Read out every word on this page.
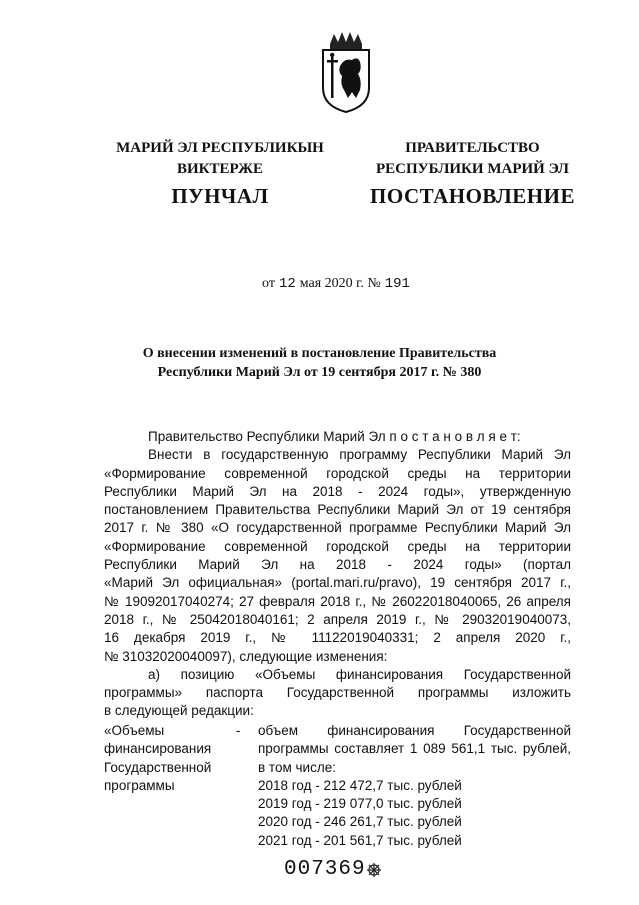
МАРИЙ ЭЛ РЕСПУБЛИКЫН
ВИКТЕРЖЕ
ПУНЧАЛ
ПРАВИТЕЛЬСТВО
РЕСПУБЛИКИ МАРИЙ ЭЛ
ПОСТАНОВЛЕНИЕ
от 12 мая 2020 г. № 191
О внесении изменений в постановление Правительства
Республики Марий Эл от 19 сентября 2017 г. № 380
Правительство Республики Марий Эл п о с т а н о в л я е т:
Внести в государственную программу Республики Марий Эл
«Формирование современной городской среды на территории
Республики Марий Эл на 2018 - 2024 годы», утвержденную
постановлением Правительства Республики Марий Эл от 19 сентября
2017 г. № 380 «О государственной программе Республики Марий Эл
«Формирование современной городской среды на территории
Республики Марий Эл на 2018 - 2024 годы» (портал
«Марий Эл официальная» (portal.mari.ru/pravo), 19 сентября 2017 г.,
№ 19092017040274; 27 февраля 2018 г., № 26022018040065, 26 апреля
2018 г., № 25042018040161; 2 апреля 2019 г., № 29032019040073,
16 декабря 2019 г., № 11122019040331; 2 апреля 2020 г.,
№ 31032020040097), следующие изменения:
а) позицию «Объемы финансирования Государственной
программы» паспорта Государственной программы изложить
в следующей редакции:
«Объемы
финансирования
Государственной
программы
- объем финансирования Государственной
программы составляет 1 089 561,1 тыс. рублей,
в том числе:
2018 год - 212 472,7 тыс. рублей
2019 год - 219 077,0 тыс. рублей
2020 год - 246 261,7 тыс. рублей
2021 год - 201 561,7 тыс. рублей
007369
